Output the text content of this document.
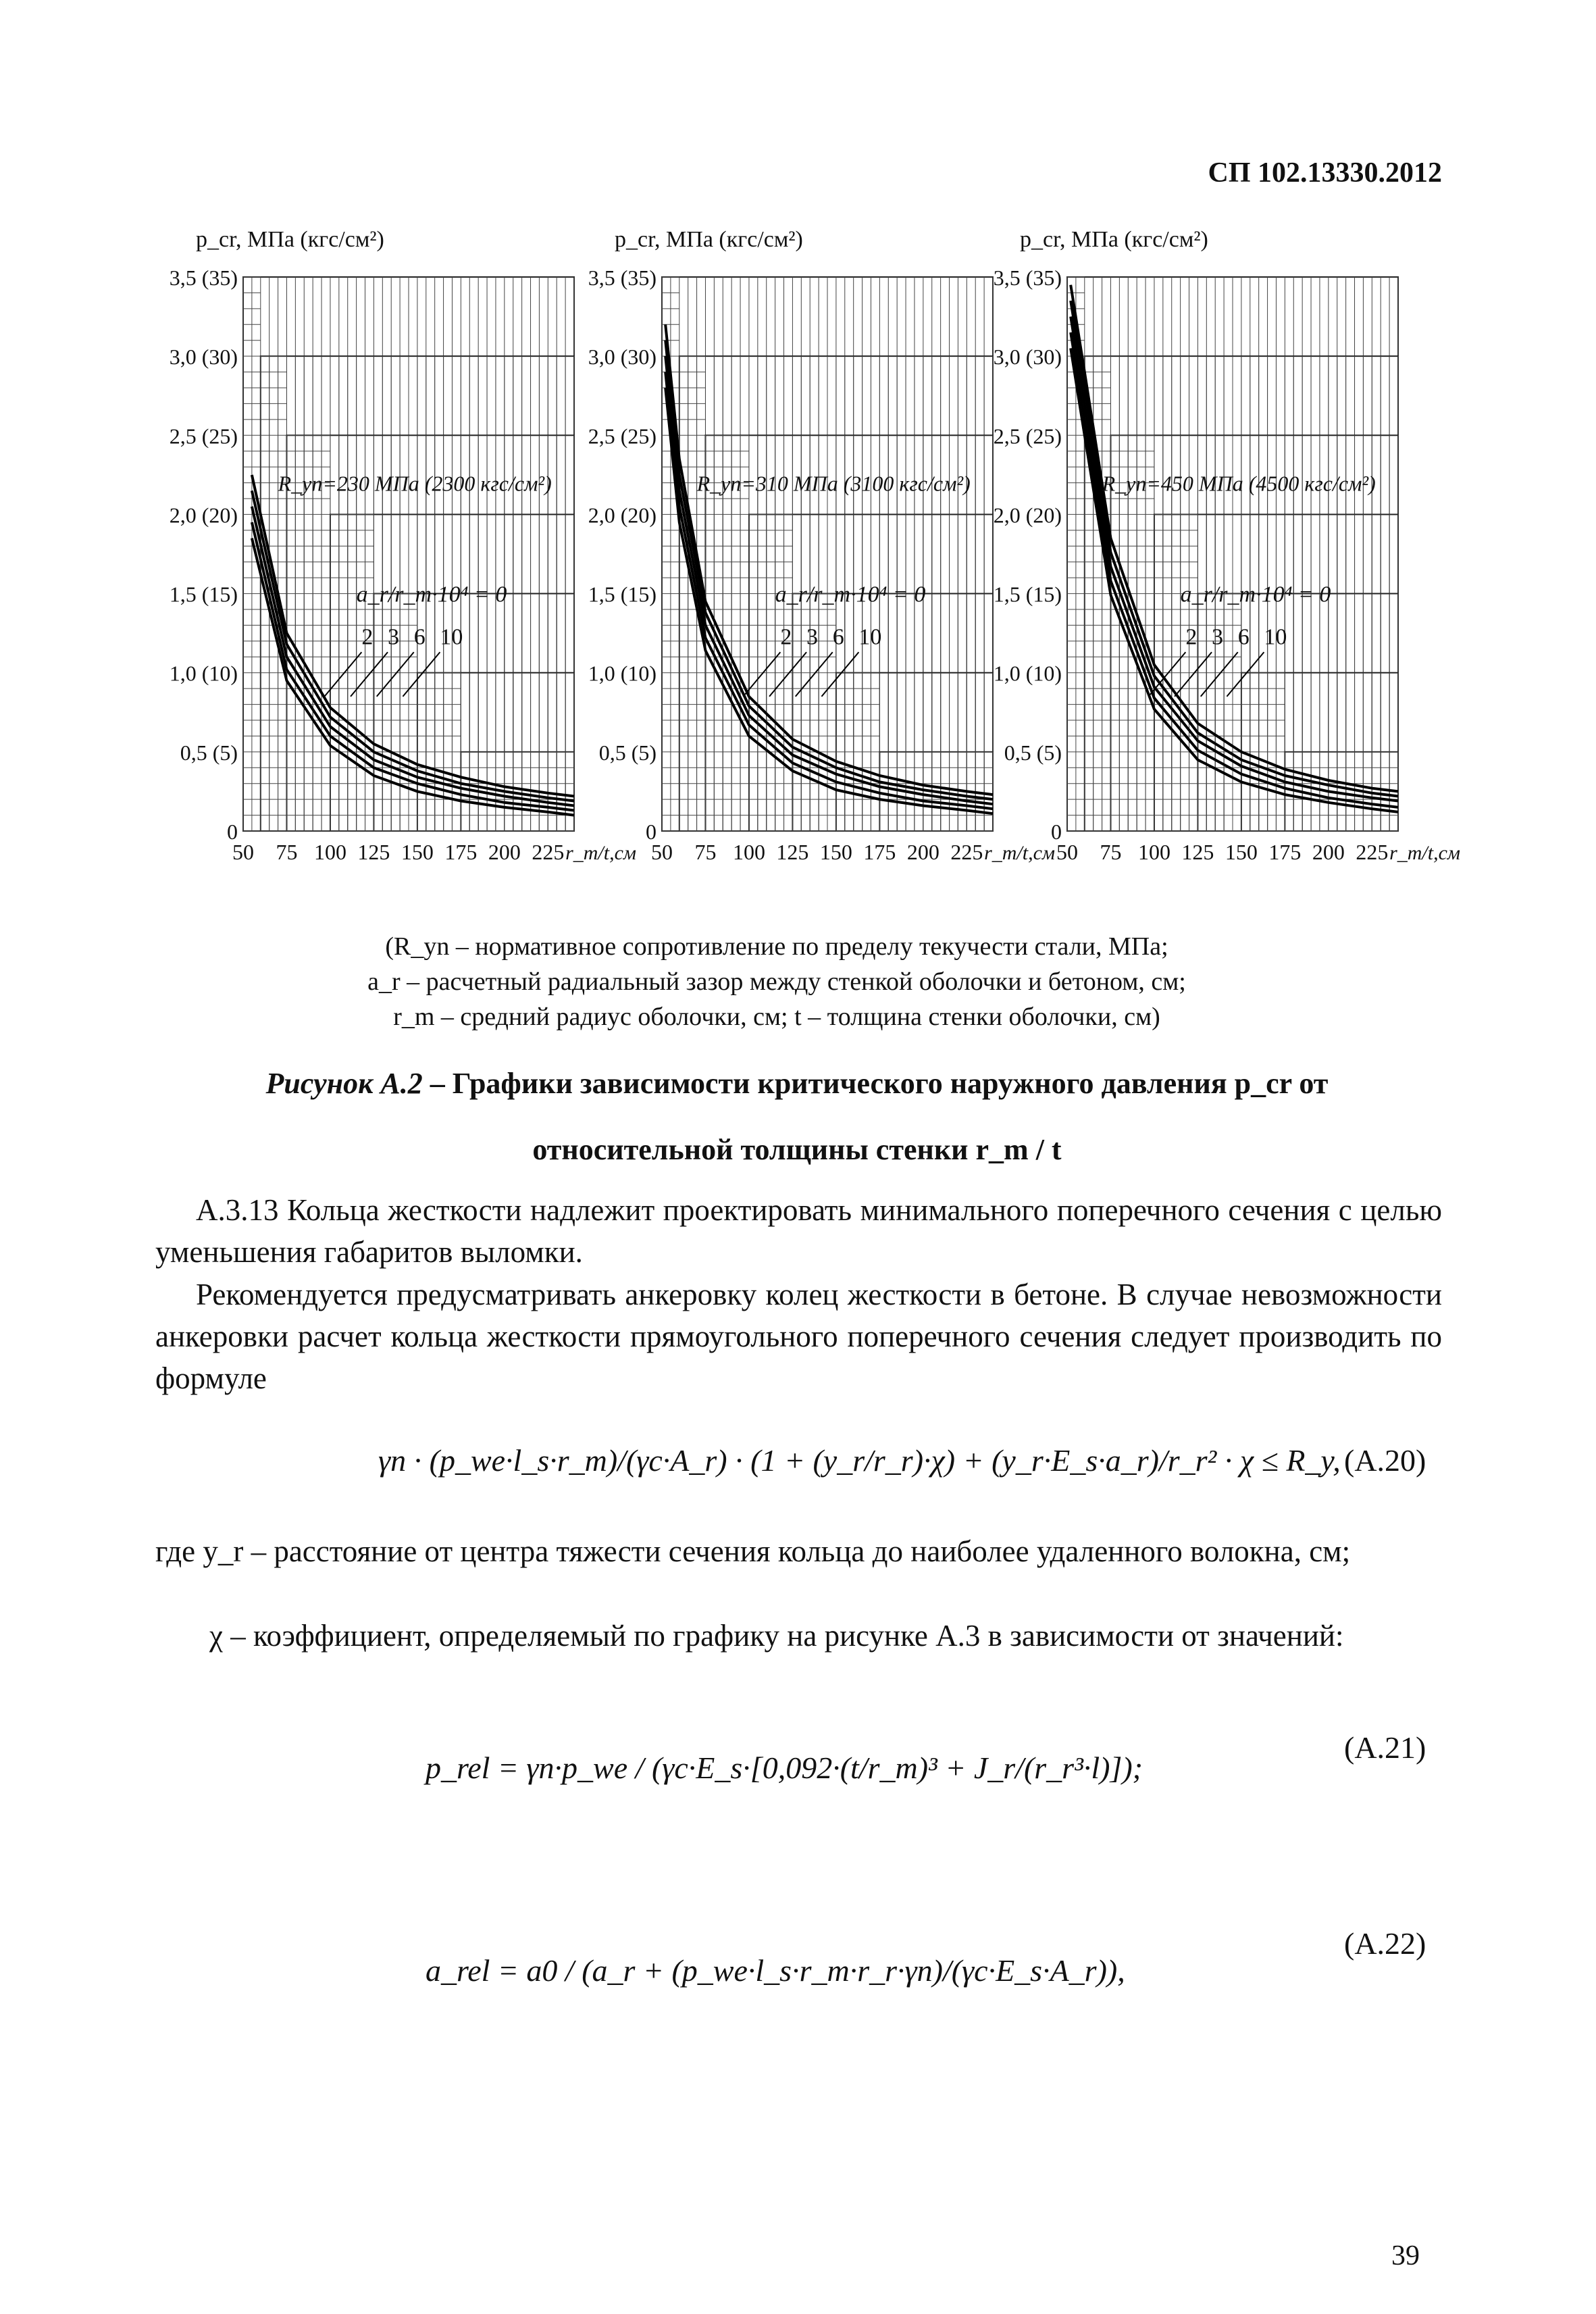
СП 102.13330.2012
3,5 (35)
3,0 (30)
2,5 (25)
2,0 (20)
1,5 (15)
1,0 (10)
0,5 (5)
0
50 75 100 125 150 175 200 225 r_m/t,см
p_cr, МПа (кгс/см²)
R_yn=230 МПа (2300 кгс/см²)
a_r/r_m·10⁴ = 0
2 3 6 10
3,5 (35)
3,0 (30)
2,5 (25)
2,0 (20)
1,5 (15)
1,0 (10)
0,5 (5)
0
50 75 100 125 150 175 200 225 r_m/t,см
p_cr, МПа (кгс/см²)
R_yn=310 МПа (3100 кгс/см²)
a_r/r_m·10⁴ = 0
2 3 6 10
3,5 (35)
3,0 (30)
2,5 (25)
2,0 (20)
1,5 (15)
1,0 (10)
0,5 (5)
0
50 75 100 125 150 175 200 225 r_m/t,см
p_cr, МПа (кгс/см²)
R_yn=450 МПа (4500 кгс/см²)
a_r/r_m·10⁴ = 0
2 3 6 10
(R_yn – нормативное сопротивление по пределу текучести стали, МПа;
a_r – расчетный радиальный зазор между стенкой оболочки и бетоном, см;
r_m – средний радиус оболочки, см; t – толщина стенки оболочки, см)
Рисунок А.2 – Графики зависимости критического наружного давления p_cr от
относительной толщины стенки r_m / t
А.3.13 Кольца жесткости надлежит проектировать минимального поперечного сечения с целью уменьшения габаритов выломки.
Рекомендуется предусматривать анкеровку колец жесткости в бетоне. В случае невозможности анкеровки расчет кольца жесткости прямоугольного поперечного сечения следует производить по формуле
γn · (p_we·l_s·r_m)/(γc·A_r) · (1 + (y_r/r_r)·χ) + (y_r·E_s·a_r)/r_r² · χ ≤ R_y, (А.20)
где y_r – расстояние от центра тяжести сечения кольца до наиболее удаленного волокна, см;
χ – коэффициент, определяемый по графику на рисунке А.3 в зависимости от значений:
p_rel = γn·p_we / (γc·E_s·[0,092·(t/r_m)³ + J_r/(r_r³·l)]);
(А.21)
a_rel = a0 / (a_r + (p_we·l_s·r_m·r_r·γn)/(γc·E_s·A_r)),
(А.22)
39
